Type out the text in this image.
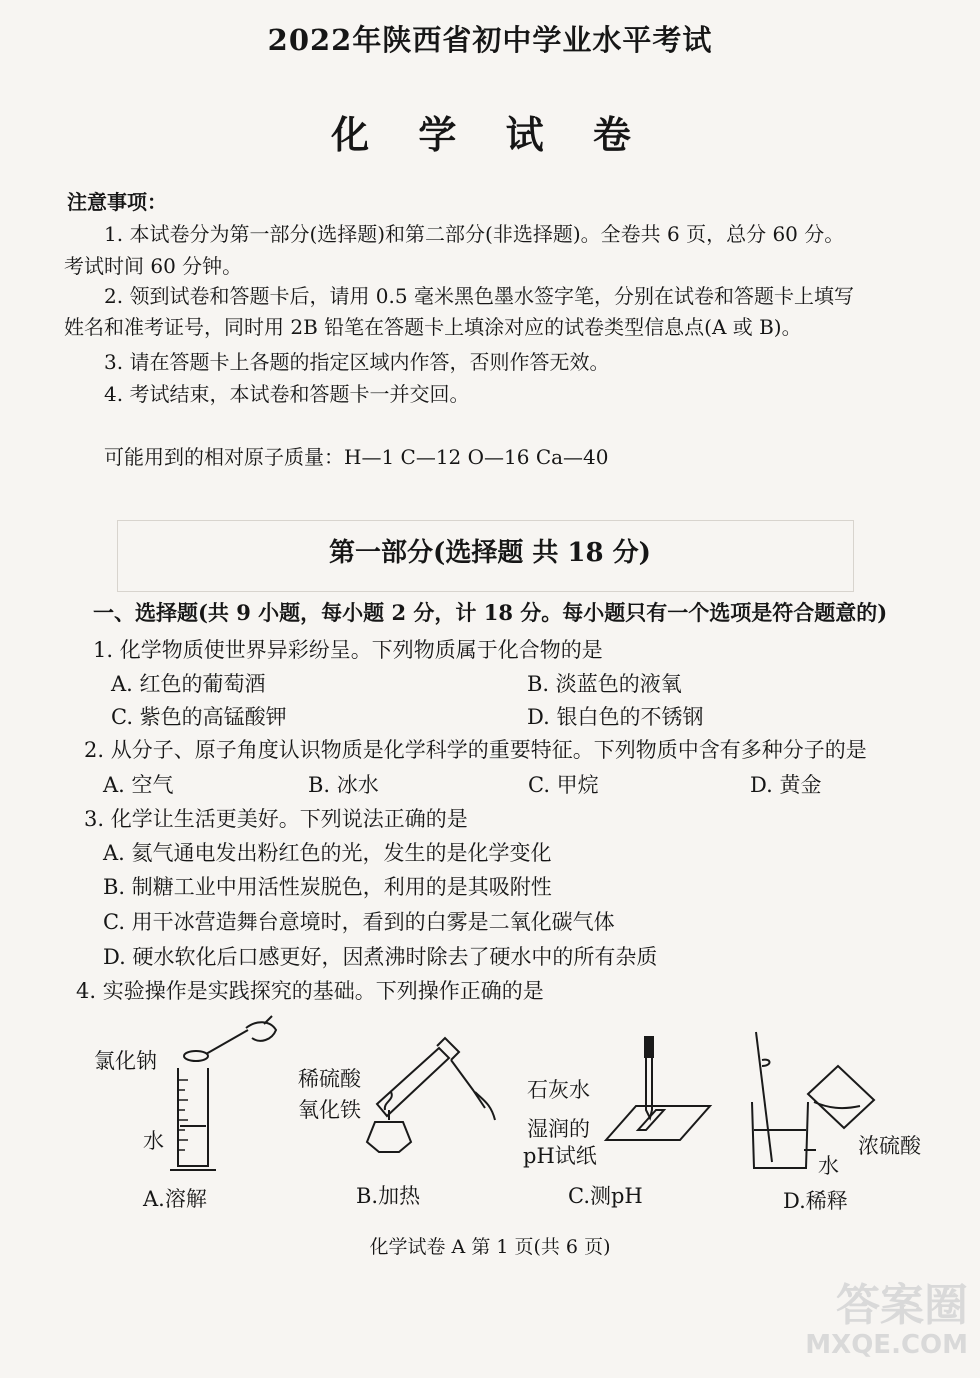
2022年陕西省初中学业水平考试
化 学 试 卷
注意事项：
1. 本试卷分为第一部分(选择题)和第二部分(非选择题)。全卷共 6 页，总分 60 分。
考试时间 60 分钟。
2. 领到试卷和答题卡后，请用 0.5 毫米黑色墨水签字笔，分别在试卷和答题卡上填写
姓名和准考证号，同时用 2B 铅笔在答题卡上填涂对应的试卷类型信息点(A 或 B)。
3. 请在答题卡上各题的指定区域内作答，否则作答无效。
4. 考试结束，本试卷和答题卡一并交回。
可能用到的相对原子质量：H—1 C—12 O—16 Ca—40
第一部分(选择题 共 18 分)
一、选择题(共 9 小题，每小题 2 分，计 18 分。每小题只有一个选项是符合题意的)
1. 化学物质使世界异彩纷呈。下列物质属于化合物的是
A. 红色的葡萄酒	B. 淡蓝色的液氧
C. 紫色的高锰酸钾	D. 银白色的不锈钢
2. 从分子、原子角度认识物质是化学科学的重要特征。下列物质中含有多种分子的是
A. 空气	B. 冰水	C. 甲烷	D. 黄金
3. 化学让生活更美好。下列说法正确的是
A. 氦气通电发出粉红色的光，发生的是化学变化
B. 制糖工业中用活性炭脱色，利用的是其吸附性
C. 用干冰营造舞台意境时，看到的白雾是二氧化碳气体
D. 硬水软化后口感更好，因煮沸时除去了硬水中的所有杂质
4. 实验操作是实践探究的基础。下列操作正确的是
氯化钠
水
稀硫酸
氧化铁
石灰水
湿润的
pH试纸	浓硫酸
水
A.溶解	B.加热	C.测pH	D.稀释
化学试卷 A 第 1 页(共 6 页)
答案圈
MXQE.COM
